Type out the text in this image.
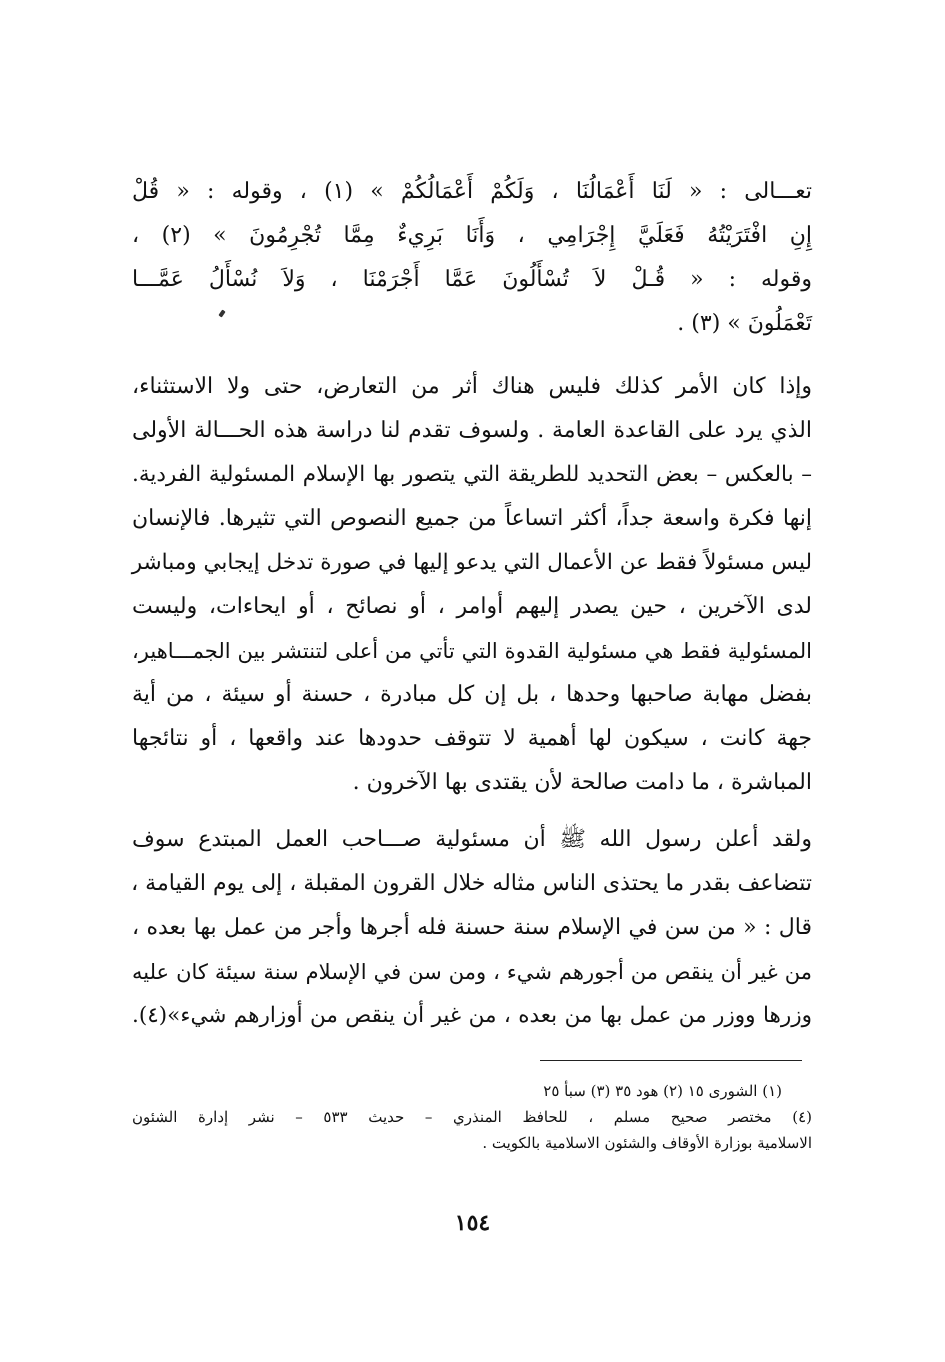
تعـــالى : « لَنَا أَعْمَالُنَا ، وَلَكُمْ أَعْمَالُكُمْ » (١) ، وقوله : « قُلْ
إِنِ افْتَرَيْتُهُ فَعَلَيَّ إِجْرَامِي ، وَأَنَا بَرِيءٌ مِمَّا تُجْرِمُونَ » (٢) ،
وقوله : « قُـلْ لاَ تُسْأَلُونَ عَمَّا أَجْرَمْنَا ، وَلاَ نُسْأَلُ عَمَّـــا
تَعْمَلُونَ » (٣) .
وإذا كان الأمر كذلك فليس هناك أثر من التعارض، حتى ولا الاستثناء،
الذي يرد على القاعدة العامة . ولسوف تقدم لنا دراسة هذه الحـــالة الأولى
– بالعكس – بعض التحديد للطريقة التي يتصور بها الإسلام المسئولية الفردية.
إنها فكرة واسعة جداً، أكثر اتساعاً من جميع النصوص التي تثيرها. فالإنسان
ليس مسئولاً فقط عن الأعمال التي يدعو إليها في صورة تدخل إيجابي ومباشر
لدى الآخرين ، حين يصدر إليهم أوامر ، أو نصائح ، أو ايحاءات، وليست
المسئولية فقط هي مسئولية القدوة التي تأتي من أعلى لتنتشر بين الجمـــاهير،
بفضل مهابة صاحبها وحدها ، بل إن كل مبادرة ، حسنة أو سيئة ، من أية
جهة كانت ، سيكون لها أهمية لا تتوقف حدودها عند واقعها ، أو نتائجها
المباشرة ، ما دامت صالحة لأن يقتدى بها الآخرون .
ولقد أعلن رسول الله ﷺ أن مسئولية صـــاحب العمل المبتدع سوف
تتضاعف بقدر ما يحتذى الناس مثاله خلال القرون المقبلة ، إلى يوم القيامة ،
قال : « من سن في الإسلام سنة حسنة فله أجرها وأجر من عمل بها بعده ،
من غير أن ينقص من أجورهم شيء ، ومن سن في الإسلام سنة سيئة كان عليه
وزرها ووزر من عمل بها من بعده ، من غير أن ينقص من أوزارهم شيء»(٤).
(١) الشورى ١٥ (٢) هود ٣٥ (٣) سبأ ٢٥
(٤) مختصر صحيح مسلم ، للحافظ المنذري – حديث ٥٣٣ – نشر إدارة الشئون
الاسلامية بوزارة الأوقاف والشئون الاسلامية بالكويت .
١٥٤
